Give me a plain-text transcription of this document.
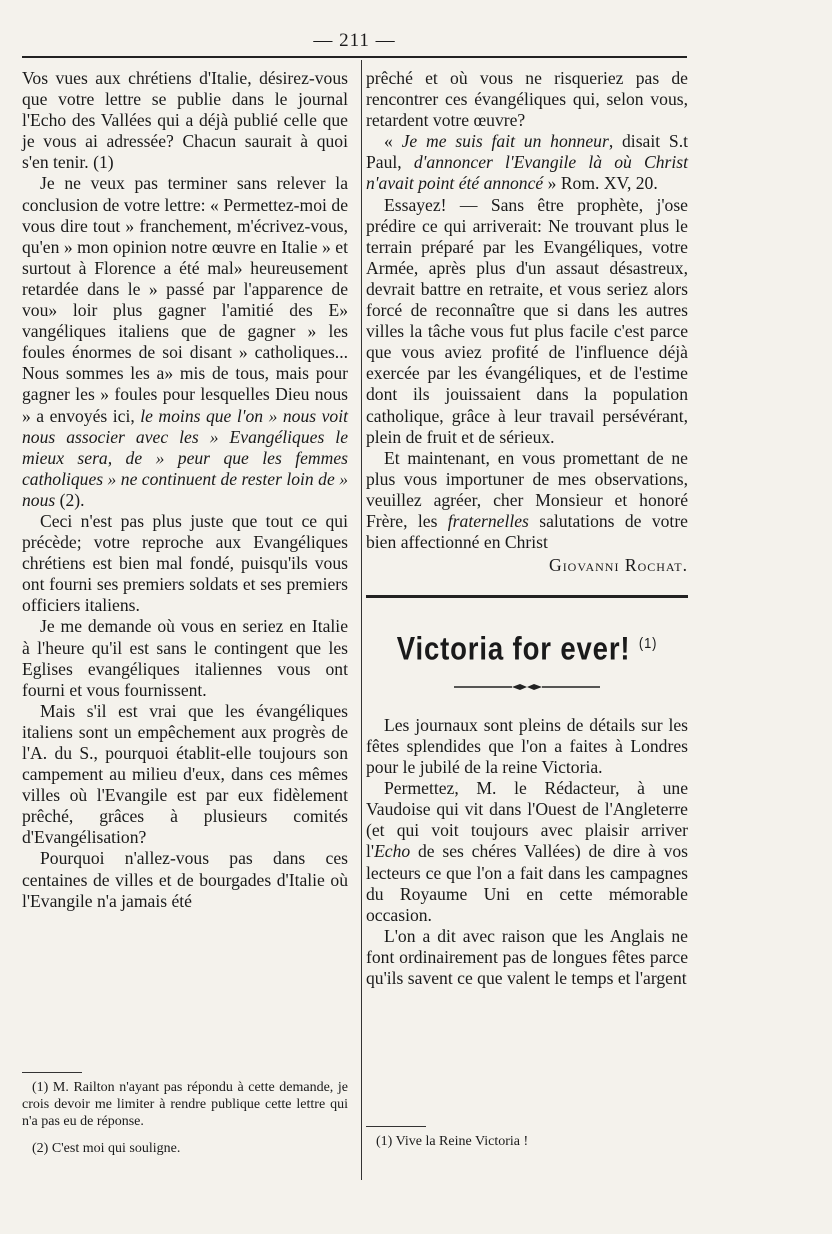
— 211 —

Vos vues aux chrétiens d'Italie, désirez-vous que votre lettre se publie dans le journal l'Echo des Vallées qui a déjà publié celle que je vous ai adressée? Chacun saurait à quoi s'en tenir. (1)

Je ne veux pas terminer sans relever la conclusion de votre lettre: « Permettez-moi de vous dire tout » franchement, m'écrivez-vous, qu'en » mon opinion notre œuvre en Italie » et surtout à Florence a été mal» heureusement retardée dans le » passé par l'apparence de vou» loir plus gagner l'amitié des E» vangéliques italiens que de gagner » les foules énormes de soi disant » catholiques... Nous sommes les a» mis de tous, mais pour gagner les » foules pour lesquelles Dieu nous » a envoyés ici, le moins que l'on » nous voit nous associer avec les » Evangéliques le mieux sera, de » peur que les femmes catholiques » ne continuent de rester loin de » nous (2).

Ceci n'est pas plus juste que tout ce qui précède; votre reproche aux Evangéliques chrétiens est bien mal fondé, puisqu'ils vous ont fourni ses premiers soldats et ses premiers officiers italiens.

Je me demande où vous en seriez en Italie à l'heure qu'il est sans le contingent que les Eglises evangéliques italiennes vous ont fourni et vous fournissent.

Mais s'il est vrai que les évangéliques italiens sont un empêchement aux progrès de l'A. du S., pourquoi établit-elle toujours son campement au milieu d'eux, dans ces mêmes villes où l'Evangile est par eux fidèlement prêché, grâces à plusieurs comités d'Evangélisation?

Pourquoi n'allez-vous pas dans ces centaines de villes et de bourgades d'Italie où l'Evangile n'a jamais été

(1) M. Railton n'ayant pas répondu à cette demande, je crois devoir me limiter à rendre publique cette lettre qui n'a pas eu de réponse.

(2) C'est moi qui souligne.

prêché et où vous ne risqueriez pas de rencontrer ces évangéliques qui, selon vous, retardent votre œuvre?

« Je me suis fait un honneur, disait S.t Paul, d'annoncer l'Evangile là où Christ n'avait point été annoncé » Rom. XV, 20.

Essayez! — Sans être prophète, j'ose prédire ce qui arriverait: Ne trouvant plus le terrain préparé par les Evangéliques, votre Armée, après plus d'un assaut désastreux, devrait battre en retraite, et vous seriez alors forcé de reconnaître que si dans les autres villes la tâche vous fut plus facile c'est parce que vous aviez profité de l'influence déjà exercée par les évangéliques, et de l'estime dont ils jouissaient dans la population catholique, grâce à leur travail persévérant, plein de fruit et de sérieux.

Et maintenant, en vous promettant de ne plus vous importuner de mes observations, veuillez agréer, cher Monsieur et honoré Frère, les fraternelles salutations de votre bien affectionné en Christ

Giovanni Rochat.

Victoria for ever! $^{(1)}$

Les journaux sont pleins de détails sur les fêtes splendides que l'on a faites à Londres pour le jubilé de la reine Victoria.

Permettez, M. le Rédacteur, à une Vaudoise qui vit dans l'Ouest de l'Angleterre (et qui voit toujours avec plaisir arriver l'Echo de ses chéres Vallées) de dire à vos lecteurs ce que l'on a fait dans les campagnes du Royaume Uni en cette mémorable occasion.

L'on a dit avec raison que les Anglais ne font ordinairement pas de longues fêtes parce qu'ils savent ce que valent le temps et l'argent

(1) Vive la Reine Victoria !
